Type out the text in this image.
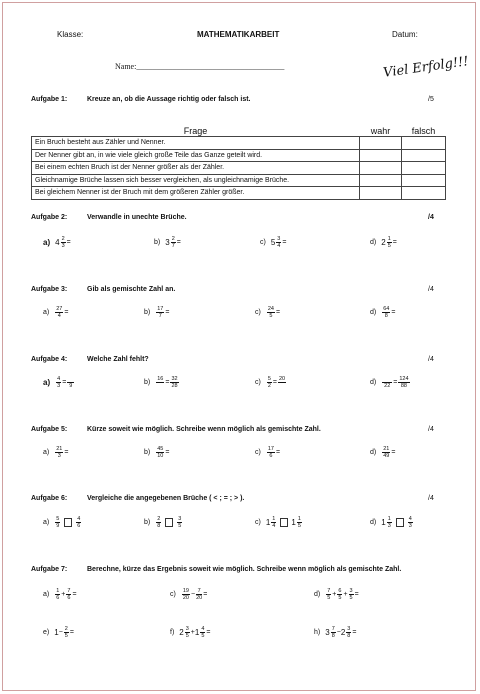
Klasse:	MATHEMATIKARBEIT	Datum:
Name:_____________________________________	Viel Erfolg!!!
Aufgabe 1:	Kreuze an, ob die Aussage richtig oder falsch ist.	/5
Frage	wahr	falsch
Ein Bruch besteht aus Zähler und Nenner.		
Der Nenner gibt an, in wie viele gleich große Teile das Ganze geteilt wird.		
Bei einem echten Bruch ist der Nenner größer als der Zähler.		
Gleichnamige Brüche lassen sich besser vergleichen, als ungleichnamige Brüche.		
Bei gleichem Nenner ist der Bruch mit dem größeren Zähler größer.		
Aufgabe 2:	Verwandle in unechte Brüche.	/4
a) $4 \frac{2}{3}$ =	b) $3 \frac{2}{7}$ =	c) $5 \frac{3}{4}$ =	d) $2 \frac{1}{5}$ =
Aufgabe 3:	Gib als gemischte Zahl an.	/4
$a) \frac{27}{4}$ =	$b) \frac{17}{7}$ =	$c) \frac{24}{5}$ =	$d) \frac{64}{8}$ =
Aufgabe 4:	Welche Zahl fehlt?	/4
$a) \frac{4}{3} = 9$	b) $16 = \frac{32}{28}$	$c) \frac{5}{2} = 20$	d)	$22 = \frac{124}{88}$
Aufgabe 5:	Kürze soweit wie möglich. Schreibe wenn möglich als gemischte Zahl.	/4
$a) \frac{21}{3}$ =	$b) \frac{45}{10}$ =	$c) \frac{17}{6}$ =	$d) \frac{21}{49}$ =
Aufgabe 6:	Vergleiche die angegebenen Brüche ( < ; = ; > ).	/4
$a) \frac{5}{9}$	$\frac{4}{6}$	$b) \frac{2}{8}$	$\frac{3}{5}$	c) $1 \frac{1}{4} 1 \frac{1}{5}$	d) $1 \frac{1}{3}$	$\frac{4}{3}$
Aufgabe 7:	Berechne, kürze das Ergebnis soweit wie möglich. Schreibe wenn möglich als gemischte Zahl.
$a) \frac{1}{6} + \frac{7}{6}$ =	$c) \frac{19}{20} - \frac{7}{20}$ =	$d) \frac{7}{5} + \frac{6}{5} + \frac{3}{5}$ =
e) $1 - \frac{2}{5}$ =	f) $2 \frac{3}{5} + 1 \frac{4}{5}$ =	h) $3 \frac{7}{8} - 2 \frac{3}{8}$ =
